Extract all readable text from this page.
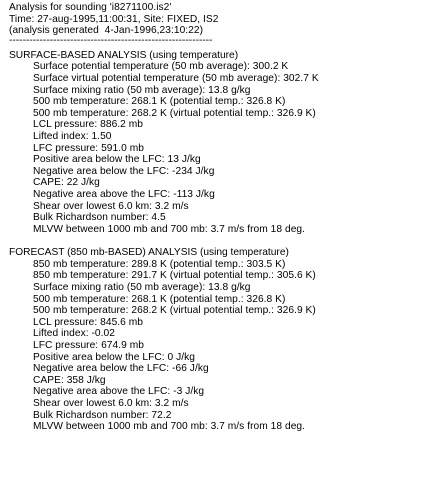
Analysis for sounding 'i8271100.is2'
Time: 27-aug-1995,11:00:31, Site: FIXED, IS2
(analysis generated  4-Jan-1996,23:10:22)
------------------------------------------------------------
SURFACE-BASED ANALYSIS (using temperature)
Surface potential temperature (50 mb average): 300.2 K
Surface virtual potential temperature (50 mb average): 302.7 K
Surface mixing ratio (50 mb average): 13.8 g/kg
500 mb temperature: 268.1 K (potential temp.: 326.8 K)
500 mb temperature: 268.2 K (virtual potential temp.: 326.9 K)
LCL pressure: 886.2 mb
Lifted index: 1.50
LFC pressure: 591.0 mb
Positive area below the LFC: 13 J/kg
Negative area below the LFC: -234 J/kg
CAPE: 22 J/kg
Negative area above the LFC: -113 J/kg
Shear over lowest 6.0 km: 3.2 m/s
Bulk Richardson number: 4.5
MLVW between 1000 mb and 700 mb: 3.7 m/s from 18 deg.
FORECAST (850 mb-BASED) ANALYSIS (using temperature)
850 mb temperature: 289.8 K (potential temp.: 303.5 K)
850 mb temperature: 291.7 K (virtual potential temp.: 305.6 K)
Surface mixing ratio (50 mb average): 13.8 g/kg
500 mb temperature: 268.1 K (potential temp.: 326.8 K)
500 mb temperature: 268.2 K (virtual potential temp.: 326.9 K)
LCL pressure: 845.6 mb
Lifted index: -0.02
LFC pressure: 674.9 mb
Positive area below the LFC: 0 J/kg
Negative area below the LFC: -66 J/kg
CAPE: 358 J/kg
Negative area above the LFC: -3 J/kg
Shear over lowest 6.0 km: 3.2 m/s
Bulk Richardson number: 72.2
MLVW between 1000 mb and 700 mb: 3.7 m/s from 18 deg.
